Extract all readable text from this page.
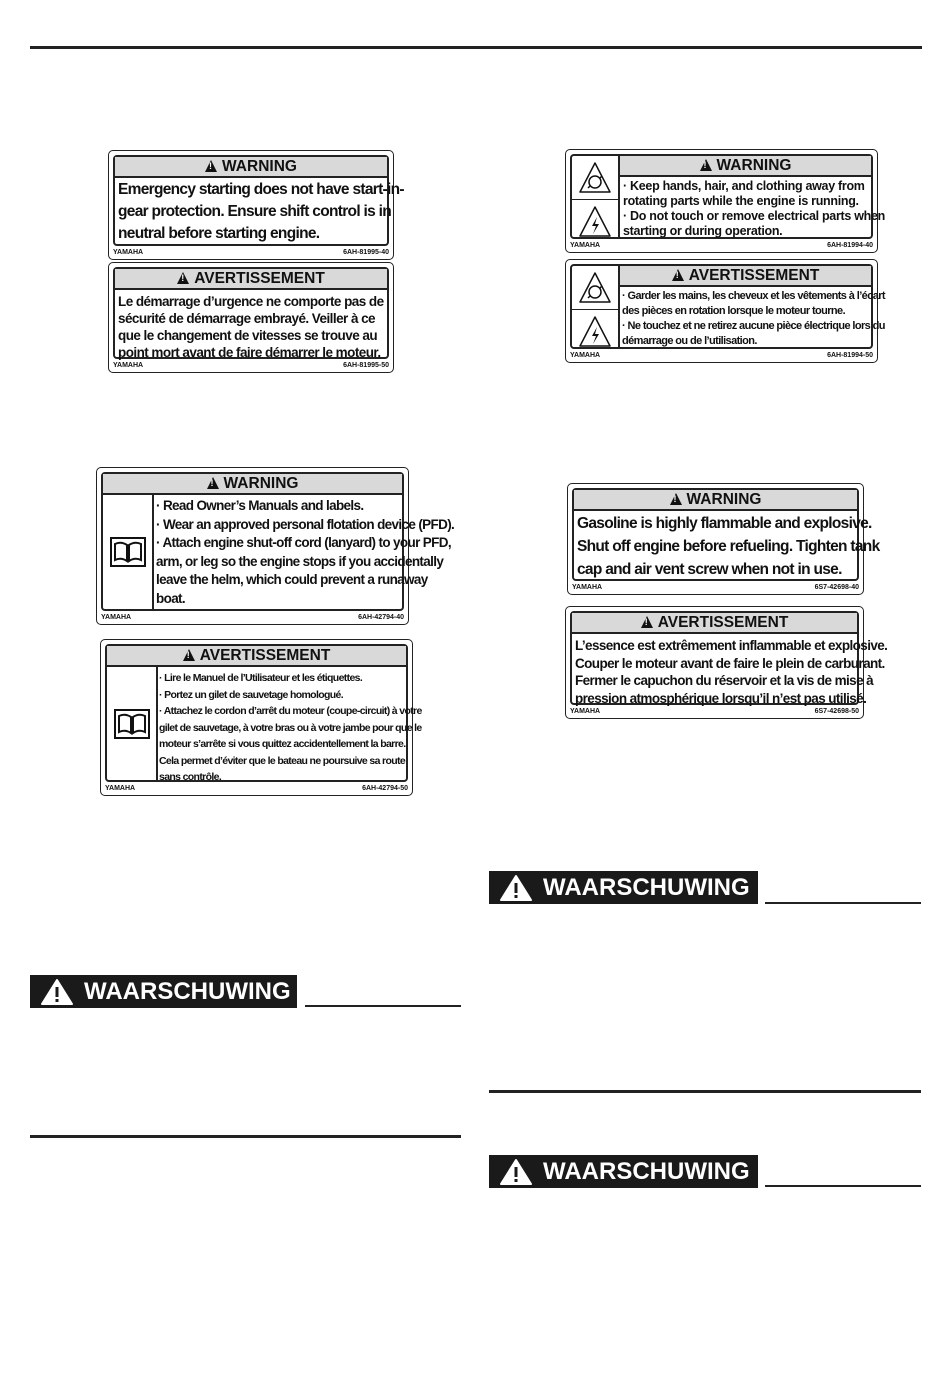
!WARNING
Emergency starting does not have start-in-
gear protection. Ensure shift control is in
neutral before starting engine.
YAMAHA	6AH-81995-40
!AVERTISSEMENT
Le démarrage d’urgence ne comporte pas de
sécurité de démarrage embrayé. Veiller à ce
que le changement de vitesses se trouve au
point mort avant de faire démarrer le moteur.
YAMAHA	6AH-81995-50
!WARNING
· Keep hands, hair, and clothing away from
rotating parts while the engine is running.
· Do not touch or remove electrical parts when
starting or during operation.
YAMAHA	6AH-81994-40
!AVERTISSEMENT
· Garder les mains, les cheveux et les vêtements à l’écart
des pièces en rotation lorsque le moteur tourne.
· Ne touchez et ne retirez aucune pièce électrique lors du
démarrage ou de l’utilisation.
YAMAHA	6AH-81994-50
!WARNING
· Read Owner’s Manuals and labels.
· Wear an approved personal flotation device (PFD).
· Attach engine shut-off cord (lanyard) to your PFD,
arm, or leg so the engine stops if you accidentally
leave the helm, which could prevent a runaway
boat.
YAMAHA	6AH-42794-40
!AVERTISSEMENT
· Lire le Manuel de l’Utilisateur et les étiquettes.
· Portez un gilet de sauvetage homologué.
· Attachez le cordon d’arrêt du moteur (coupe-circuit) à votre
gilet de sauvetage, à votre bras ou à votre jambe pour que le
moteur s’arrête si vous quittez accidentellement la barre.
Cela permet d’éviter que le bateau ne poursuive sa route
sans contrôle.
YAMAHA	6AH-42794-50
!WARNING
Gasoline is highly flammable and explosive.
Shut off engine before refueling. Tighten tank
cap and air vent screw when not in use.
YAMAHA	6S7-42698-40
!AVERTISSEMENT
L’essence est extrêmement inflammable et explosive.
Couper le moteur avant de faire le plein de carburant.
Fermer le capuchon du réservoir et la vis de mise à
pression atmosphérique lorsqu’il n’est pas utilisé.
YAMAHA	6S7-42698-50
WAARSCHUWING
WAARSCHUWING
WAARSCHUWING
